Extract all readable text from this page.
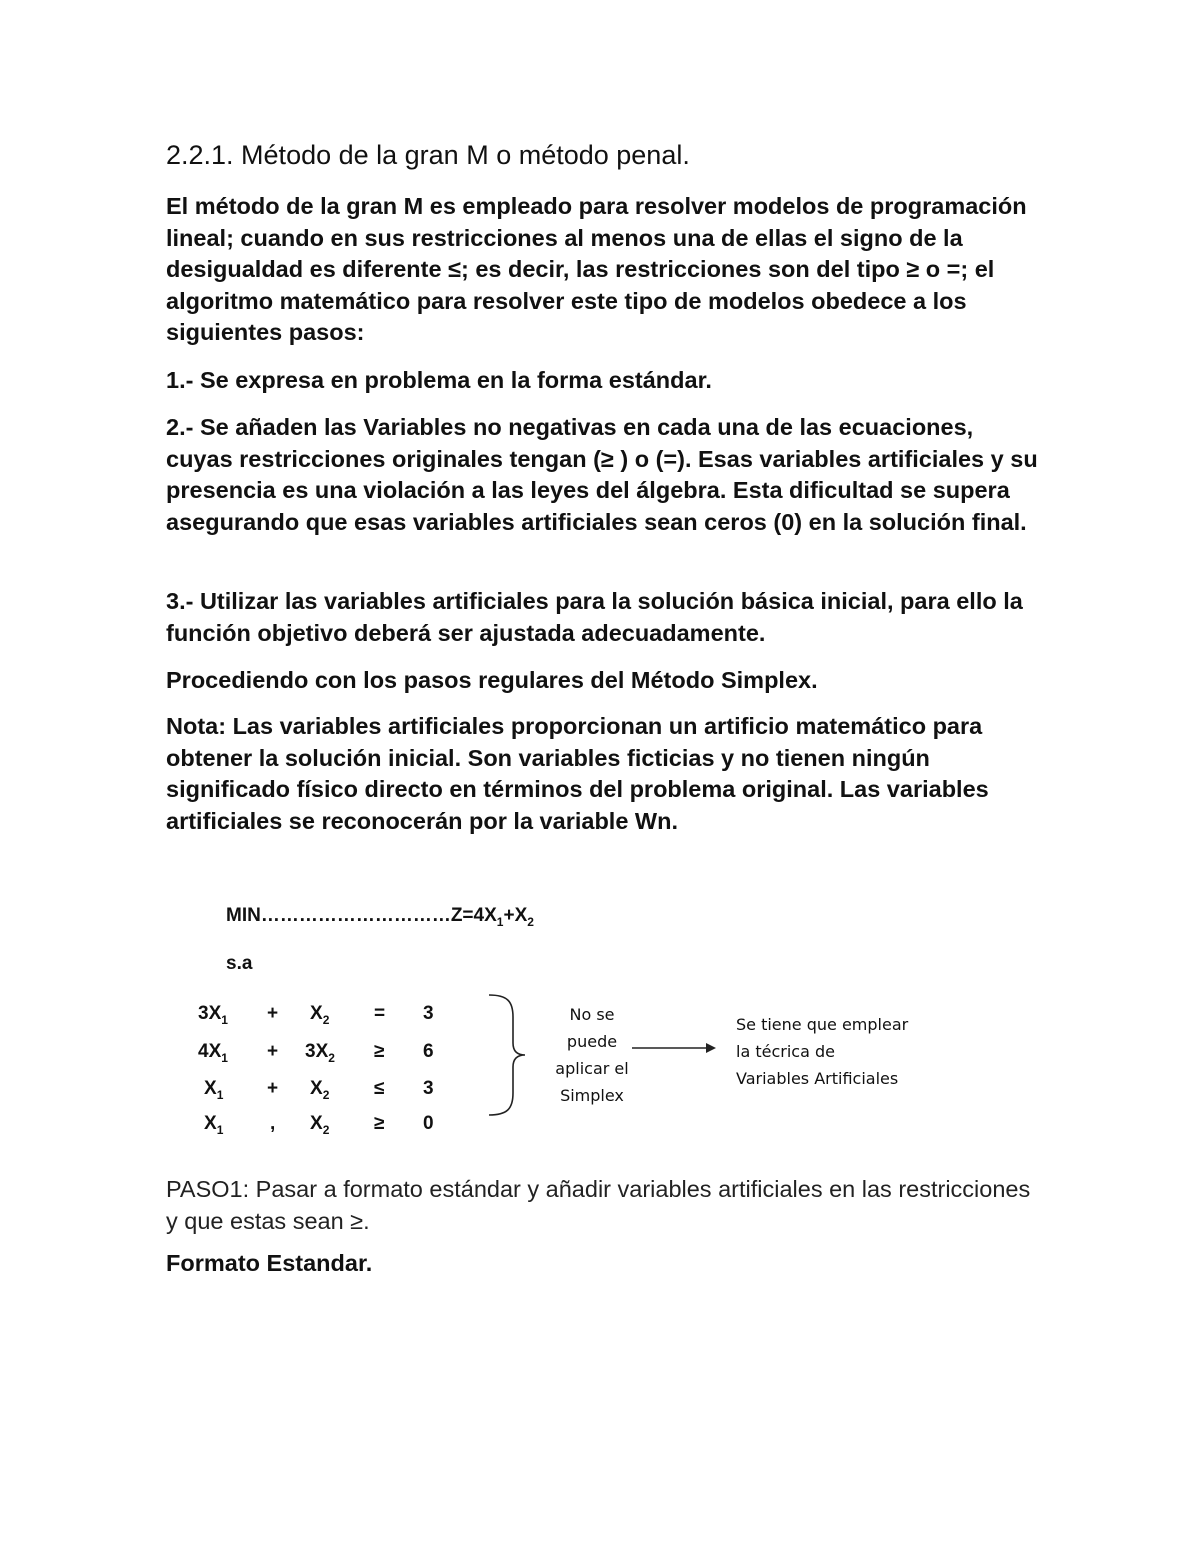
2.2.1. Método de la gran M o método penal.

El método de la gran M es empleado para resolver modelos de programación lineal; cuando en sus restricciones al menos una de ellas el signo de la desigualdad es diferente ≤; es decir, las restricciones son del tipo ≥ o =; el algoritmo matemático para resolver este tipo de modelos obedece a los siguientes pasos:

1.- Se expresa en problema en la forma estándar.

2.- Se añaden las Variables no negativas en cada una de las ecuaciones, cuyas restricciones originales tengan (≥ ) o (=). Esas variables artificiales y su presencia es una violación a las leyes del álgebra. Esta dificultad se supera asegurando que esas variables artificiales sean ceros (0) en la solución final.

3.- Utilizar las variables artificiales para la solución básica inicial, para ello la función objetivo deberá ser ajustada adecuadamente.

Procediendo con los pasos regulares del Método Simplex.

Nota: Las variables artificiales proporcionan un artificio matemático para obtener la solución inicial. Son variables ficticias y no tienen ningún significado físico directo en términos del problema original. Las variables artificiales se reconocerán por la variable Wn.

$MIN\dots\dots\dots\dots\dots\dots\dots\dots\dots\dots Z=4X_1+X_2$
s.a
$3X_1 + X_2 = 3$
$4X_1 + 3X_2 \ge 6$
$X_1 + X_2 \le 3$
$X_1$ , $X_2 \ge 0$
No se
puede
aplicar el
Simplex
Se tiene que emplear
la técrica de
Variables Artificiales

PASO1: Pasar a formato estándar y añadir variables artificiales en las restricciones y que estas sean ≥.

Formato Estandar.
